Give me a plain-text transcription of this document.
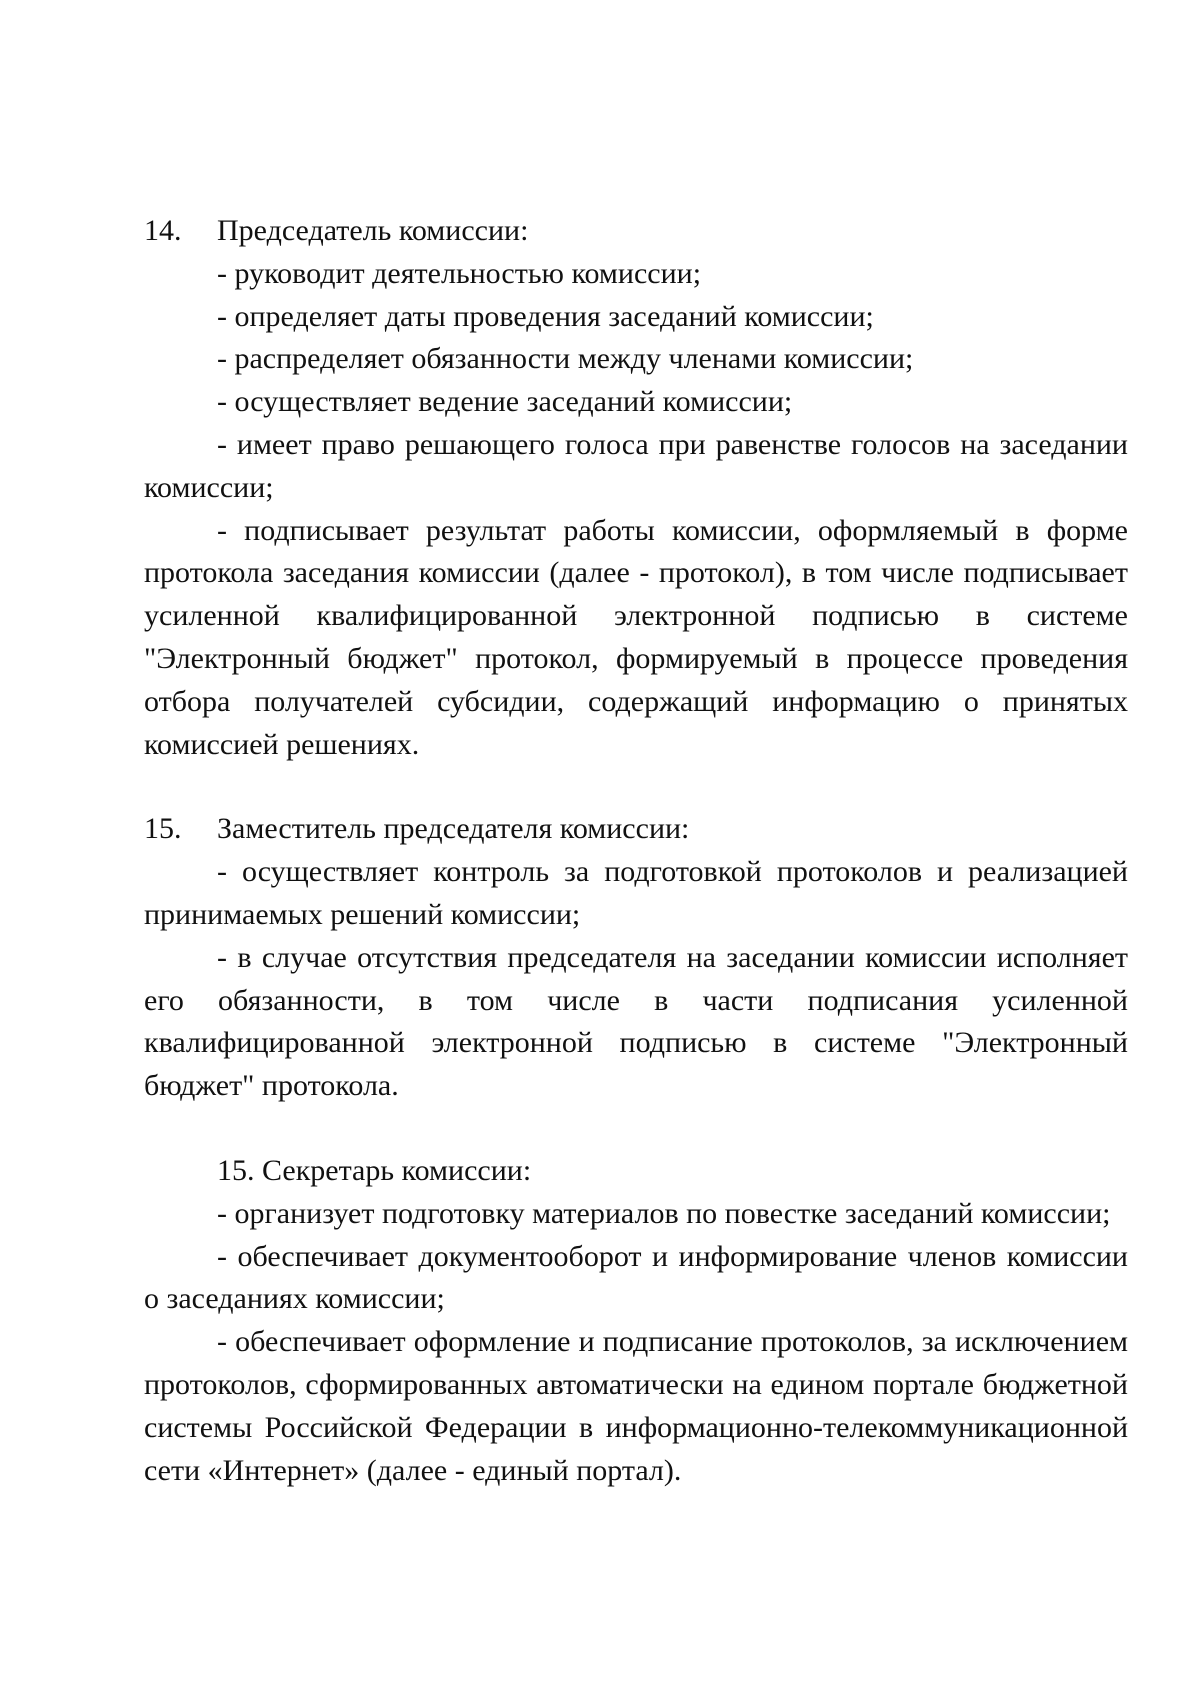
14. Председатель комиссии:

- руководит деятельностью комиссии;

- определяет даты проведения заседаний комиссии;

- распределяет обязанности между членами комиссии;

- осуществляет ведение заседаний комиссии;

- имеет право решающего голоса при равенстве голосов на заседании комиссии;

- подписывает результат работы комиссии, оформляемый в форме протокола заседания комиссии (далее - протокол), в том числе подписывает усиленной квалифицированной электронной подписью в системе "Электронный бюджет" протокол, формируемый в процессе проведения отбора получателей субсидии, содержащий информацию о принятых комиссией решениях.

15. Заместитель председателя комиссии:

- осуществляет контроль за подготовкой протоколов и реализацией принимаемых решений комиссии;

- в случае отсутствия председателя на заседании комиссии исполняет его обязанности, в том числе в части подписания усиленной квалифицированной электронной подписью в системе "Электронный бюджет" протокола.

15. Секретарь комиссии:

- организует подготовку материалов по повестке заседаний комиссии;

- обеспечивает документооборот и информирование членов комиссии о заседаниях комиссии;

- обеспечивает оформление и подписание протоколов, за исключением протоколов, сформированных автоматически на едином портале бюджетной системы Российской Федерации в информационно-телекоммуникационной сети «Интернет» (далее - единый портал).
